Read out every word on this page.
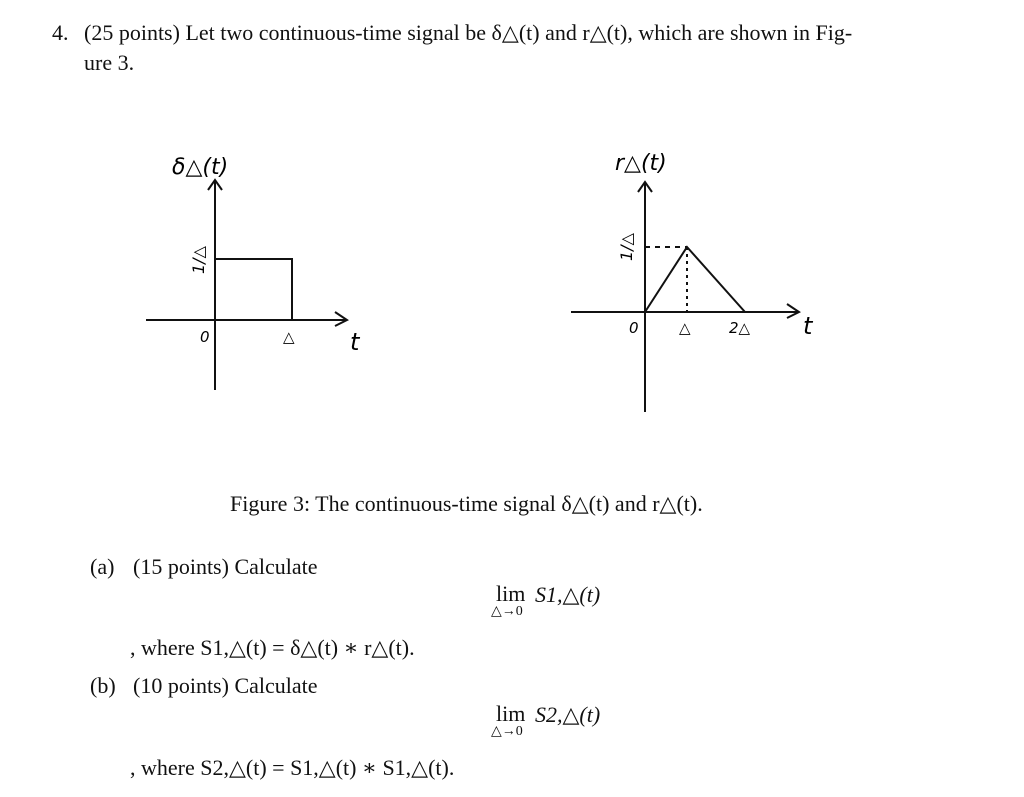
4. (25 points) Let two continuous-time signal be δ△(t) and r△(t), which are shown in Fig-
ure 3.
δ△(t)
1/△
0	△ t
r△(t)
1/△
0	△	2△ t
Figure 3: The continuous-time signal δ△(t) and r△(t).
(a) (15 points) Calculate
lim S1,△(t)
△→0
, where S1,△(t) = δ△(t) ∗ r△(t).
(b) (10 points) Calculate
lim S2,△(t)
△→0
, where S2,△(t) = S1,△(t) ∗ S1,△(t).
